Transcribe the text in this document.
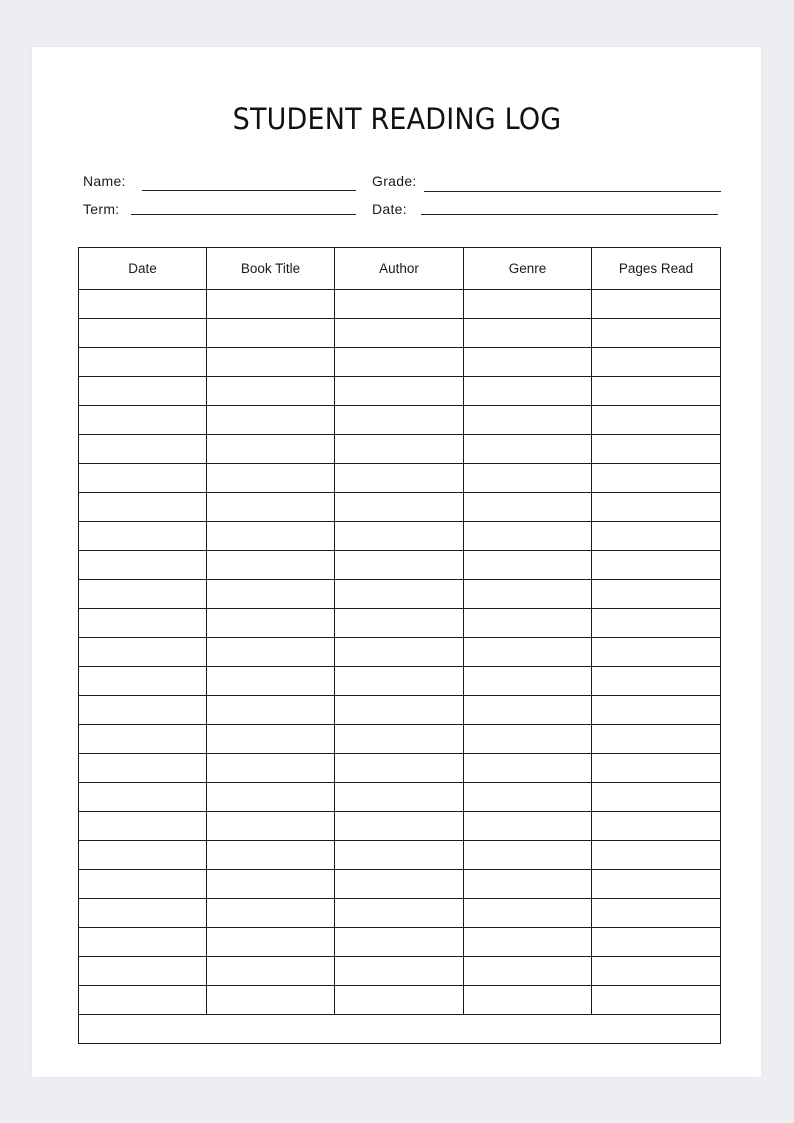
STUDENT READING LOG
Name:	Grade:
Term:	Date:
Date	Book Title	Author	Genre	Pages Read
